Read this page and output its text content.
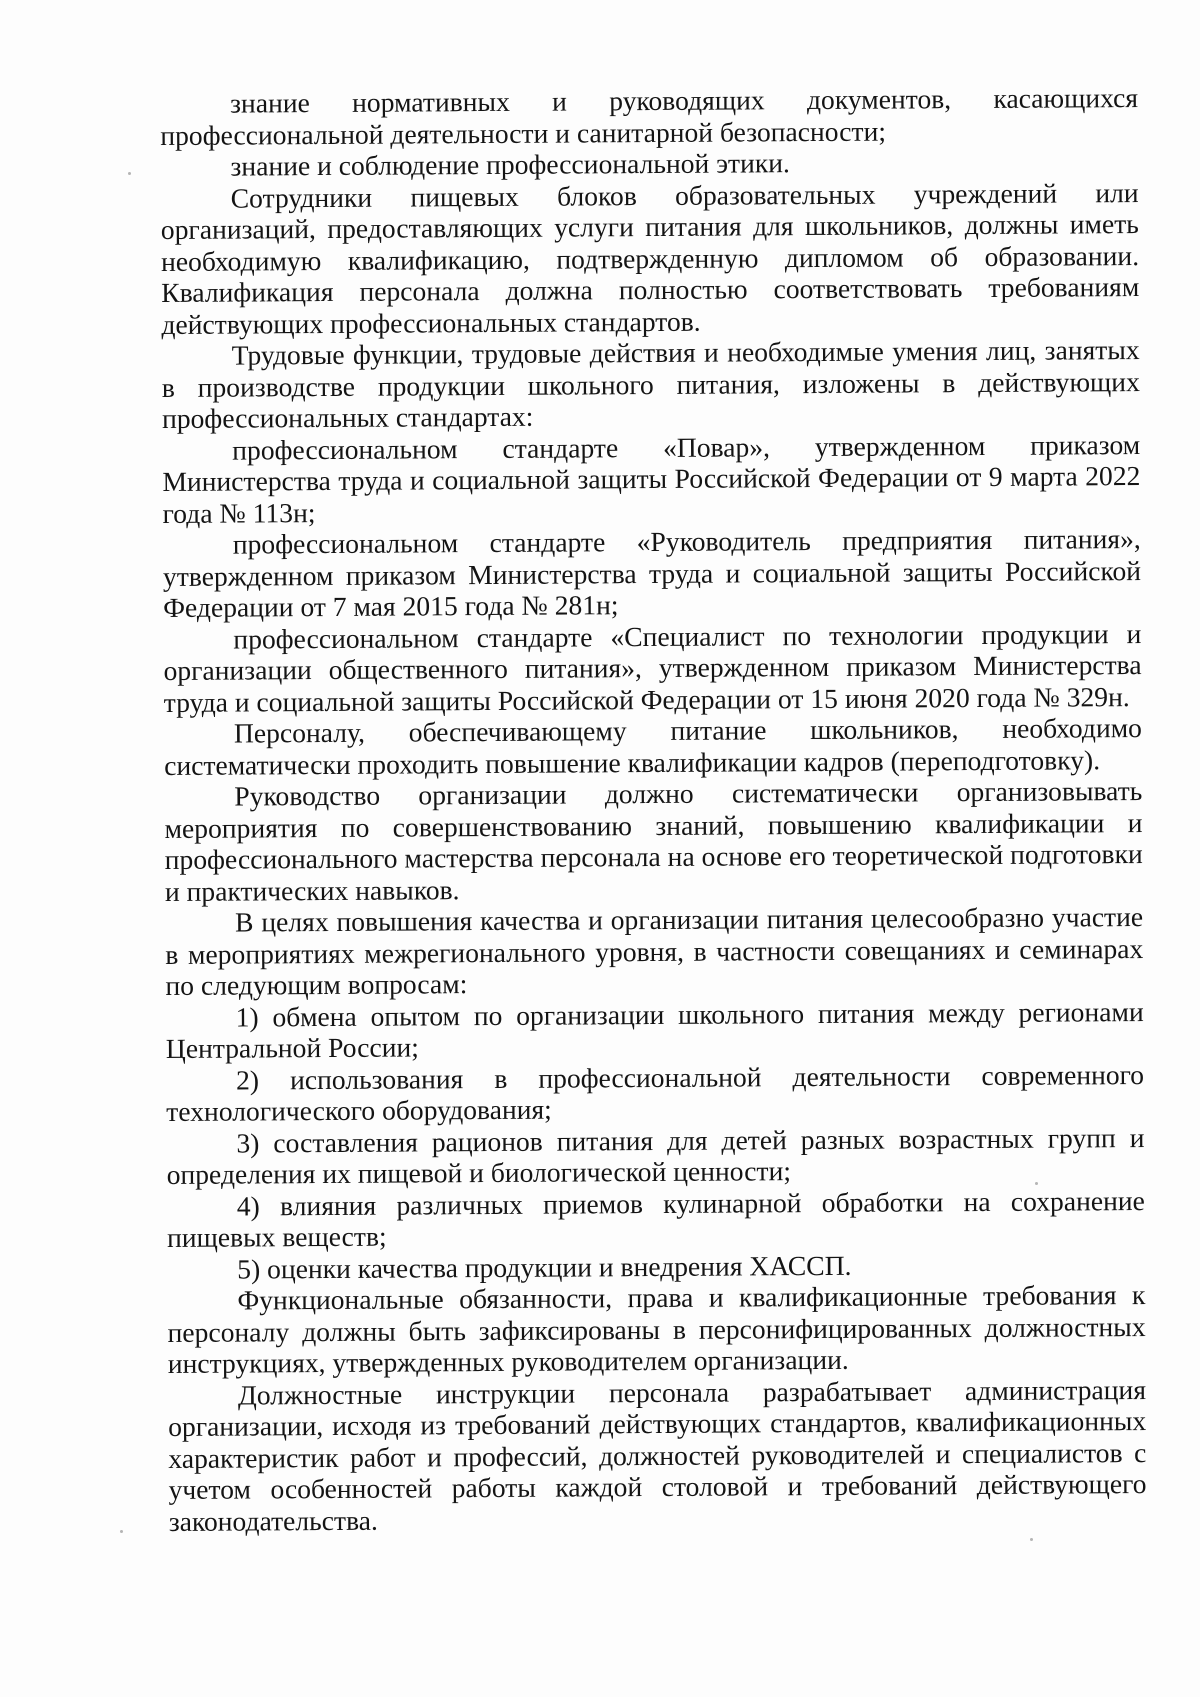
знание нормативных и руководящих документов, касающихся профессиональной деятельности и санитарной безопасности;

знание и соблюдение профессиональной этики.

Сотрудники пищевых блоков образовательных учреждений или организаций, предоставляющих услуги питания для школьников, должны иметь необходимую квалификацию, подтвержденную дипломом об образовании. Квалификация персонала должна полностью соответствовать требованиям действующих профессиональных стандартов.

Трудовые функции, трудовые действия и необходимые умения лиц, занятых в производстве продукции школьного питания, изложены в действующих профессиональных стандартах:

профессиональном стандарте «Повар», утвержденном приказом Министерства труда и социальной защиты Российской Федерации от 9 марта 2022 года № 113н;

профессиональном стандарте «Руководитель предприятия питания», утвержденном приказом Министерства труда и социальной защиты Российской Федерации от 7 мая 2015 года № 281н;

профессиональном стандарте «Специалист по технологии продукции и организации общественного питания», утвержденном приказом Министерства труда и социальной защиты Российской Федерации от 15 июня 2020 года № 329н.

Персоналу, обеспечивающему питание школьников, необходимо систематически проходить повышение квалификации кадров (переподготовку).

Руководство организации должно систематически организовывать мероприятия по совершенствованию знаний, повышению квалификации и профессионального мастерства персонала на основе его теоретической подготовки и практических навыков.

В целях повышения качества и организации питания целесообразно участие в мероприятиях межрегионального уровня, в частности совещаниях и семинарах по следующим вопросам:

1) обмена опытом по организации школьного питания между регионами Центральной России;

2) использования в профессиональной деятельности современного технологического оборудования;

3) составления рационов питания для детей разных возрастных групп и определения их пищевой и биологической ценности;

4) влияния различных приемов кулинарной обработки на сохранение пищевых веществ;

5) оценки качества продукции и внедрения ХАССП.

Функциональные обязанности, права и квалификационные требования к персоналу должны быть зафиксированы в персонифицированных должностных инструкциях, утвержденных руководителем организации.

Должностные инструкции персонала разрабатывает администрация организации, исходя из требований действующих стандартов, квалификационных характеристик работ и профессий, должностей руководителей и специалистов с учетом особенностей работы каждой столовой и требований действующего законодательства.
